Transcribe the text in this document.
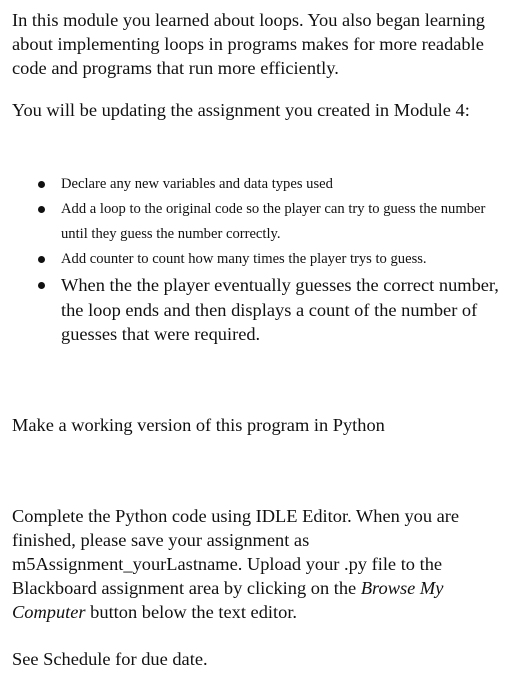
In this module you learned about loops. You also began learning about implementing loops in programs makes for more readable code and programs that run more efficiently.

You will be updating the assignment you created in Module 4:

Declare any new variables and data types used
Add a loop to the original code so the player can try to guess the number until they guess the number correctly.
Add counter to count how many times the player trys to guess.
When the the player eventually guesses the correct number, the loop ends and then displays a count of the number of guesses that were required.

Make a working version of this program in Python

Complete the Python code using IDLE Editor. When you are finished, please save your assignment as m5Assignment_yourLastname. Upload your .py file to the Blackboard assignment area by clicking on the Browse My Computer button below the text editor.

See Schedule for due date.
